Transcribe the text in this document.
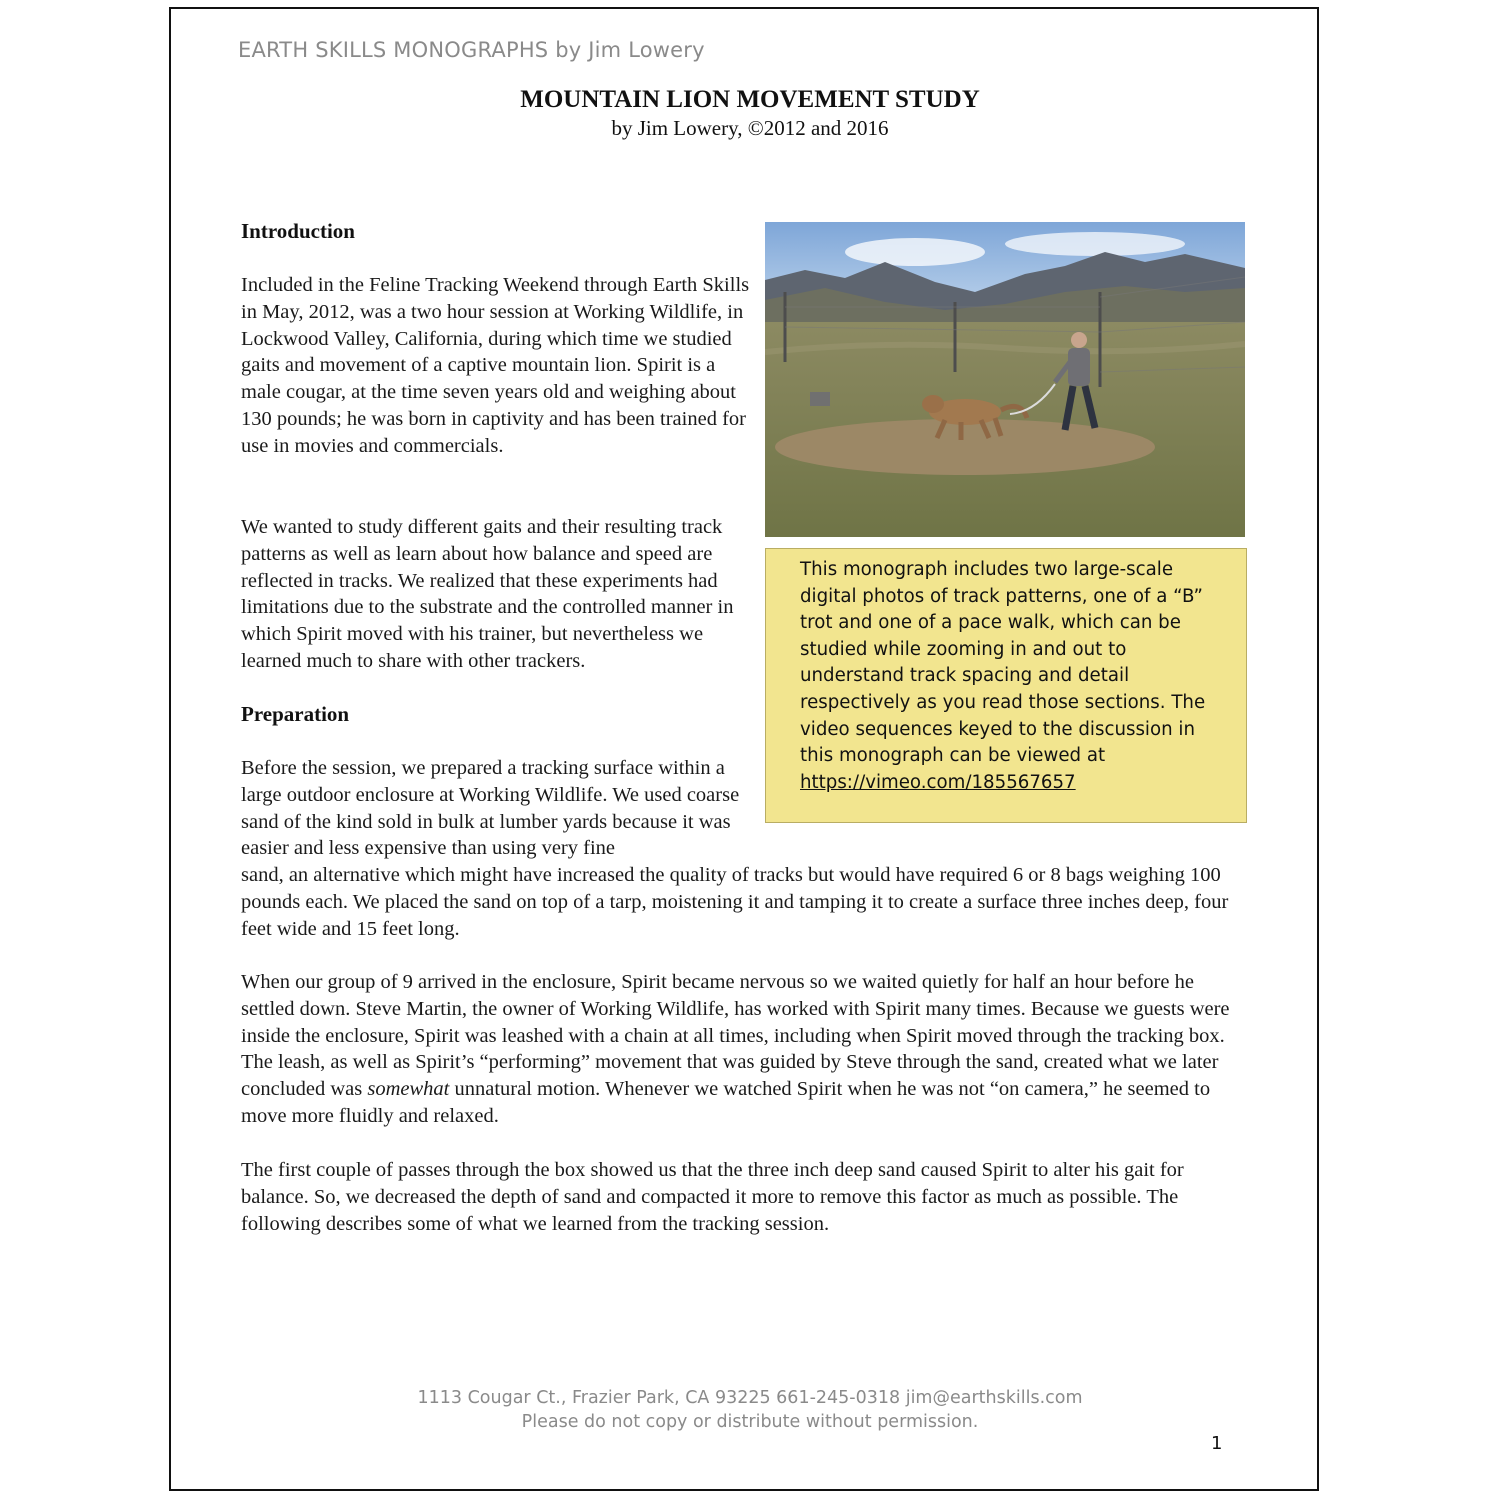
EARTH SKILLS MONOGRAPHS by Jim Lowery
MOUNTAIN LION MOVEMENT STUDY
by Jim Lowery, ©2012 and 2016
Introduction

Included in the Feline Tracking Weekend through Earth Skills in May, 2012, was a two hour session at Working Wildlife, in Lockwood Valley, California, during which time we studied gaits and movement of a captive mountain lion. Spirit is a male cougar, at the time seven years old and weighing about 130 pounds; he was born in captivity and has been trained for use in movies and commercials.

We wanted to study different gaits and their resulting track patterns as well as learn about how balance and speed are reflected in tracks. We realized that these experiments had limitations due to the substrate and the controlled manner in which Spirit moved with his trainer, but nevertheless we learned much to share with other trackers.

Preparation

Before the session, we prepared a tracking surface within a large outdoor enclosure at Working Wildlife. We used coarse sand of the kind sold in bulk at lumber yards because it was easier and less expensive than using very fine

sand, an alternative which might have increased the quality of tracks but would have required 6 or 8 bags weighing 100 pounds each. We placed the sand on top of a tarp, moistening it and tamping it to create a surface three inches deep, four feet wide and 15 feet long.

When our group of 9 arrived in the enclosure, Spirit became nervous so we waited quietly for half an hour before he settled down. Steve Martin, the owner of Working Wildlife, has worked with Spirit many times. Because we guests were inside the enclosure, Spirit was leashed with a chain at all times, including when Spirit moved through the tracking box. The leash, as well as Spirit’s “performing” movement that was guided by Steve through the sand, created what we later concluded was somewhat unnatural motion. Whenever we watched Spirit when he was not “on camera,” he seemed to move more fluidly and relaxed.

The first couple of passes through the box showed us that the three inch deep sand caused Spirit to alter his gait for balance. So, we decreased the depth of sand and compacted it more to remove this factor as much as possible. The following describes some of what we learned from the tracking session.

This monograph includes two large-scale digital photos of track patterns, one of a “B” trot and one of a pace walk, which can be studied while zooming in and out to understand track spacing and detail respectively as you read those sections. The video sequences keyed to the discussion in this monograph can be viewed at
https://vimeo.com/185567657
1113 Cougar Ct., Frazier Park, CA 93225 661-245-0318 jim@earthskills.com
Please do not copy or distribute without permission.
1
